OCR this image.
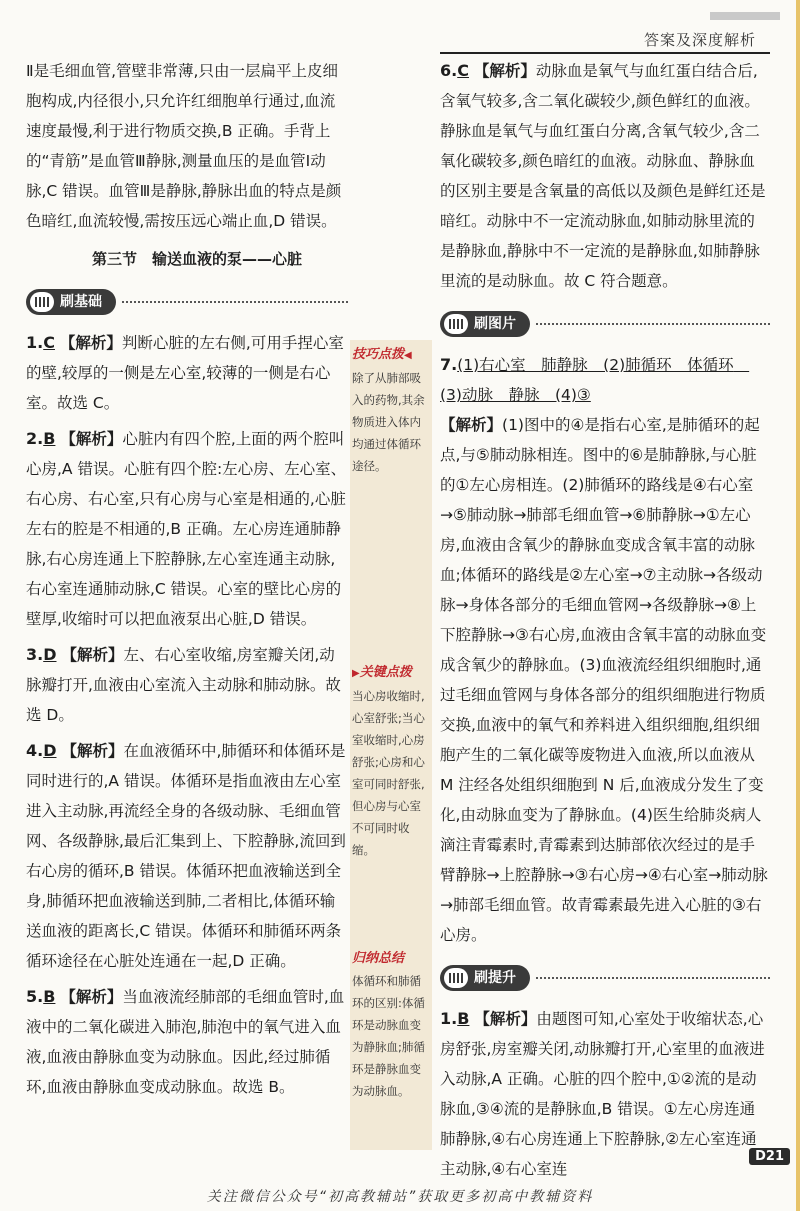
答案及深度解析

Ⅱ是毛细血管,管壁非常薄,只由一层扁平上皮细胞构成,内径很小,只允许红细胞单行通过,血流速度最慢,利于进行物质交换,B 正确。手背上的“青筋”是血管Ⅲ静脉,测量血压的是血管Ⅰ动脉,C 错误。血管Ⅲ是静脉,静脉出血的特点是颜色暗红,血流较慢,需按压远心端止血,D 错误。

第三节　输送血液的泵——心脏
刷基础
1.C 【解析】判断心脏的左右侧,可用手捏心室的壁,较厚的一侧是左心室,较薄的一侧是右心室。故选 C。
2.B 【解析】心脏内有四个腔,上面的两个腔叫心房,A 错误。心脏有四个腔:左心房、左心室、右心房、右心室,只有心房与心室是相通的,心脏左右的腔是不相通的,B 正确。左心房连通肺静脉,右心房连通上下腔静脉,左心室连通主动脉,右心室连通肺动脉,C 错误。心室的壁比心房的壁厚,收缩时可以把血液泵出心脏,D 错误。
3.D 【解析】左、右心室收缩,房室瓣关闭,动脉瓣打开,血液由心室流入主动脉和肺动脉。故选 D。
4.D 【解析】在血液循环中,肺循环和体循环是同时进行的,A 错误。体循环是指血液由左心室进入主动脉,再流经全身的各级动脉、毛细血管网、各级静脉,最后汇集到上、下腔静脉,流回到右心房的循环,B 错误。体循环把血液输送到全身,肺循环把血液输送到肺,二者相比,体循环输送血液的距离长,C 错误。体循环和肺循环两条循环途径在心脏处连通在一起,D 正确。
5.B 【解析】当血液流经肺部的毛细血管时,血液中的二氧化碳进入肺泡,肺泡中的氧气进入血液,血液由静脉血变为动脉血。因此,经过肺循环,血液由静脉血变成动脉血。故选 B。
技巧点拨◀
除了从肺部吸入的药物,其余物质进入体内均通过体循环途径。
▶关键点拨
当心房收缩时,心室舒张;当心室收缩时,心房舒张;心房和心室可同时舒张,但心房与心室不可同时收缩。
归纳总结
体循环和肺循环的区别:体循环是动脉血变为静脉血;肺循环是静脉血变为动脉血。
6.C 【解析】动脉血是氧气与血红蛋白结合后,含氧气较多,含二氧化碳较少,颜色鲜红的血液。静脉血是氧气与血红蛋白分离,含氧气较少,含二氧化碳较多,颜色暗红的血液。动脉血、静脉血的区别主要是含氧量的高低以及颜色是鲜红还是暗红。动脉中不一定流动脉血,如肺动脉里流的是静脉血,静脉中不一定流的是静脉血,如肺静脉里流的是动脉血。故 C 符合题意。
刷图片
7.(1)右心室　肺静脉　(2)肺循环　体循环　(3)动脉　静脉　(4)③
【解析】(1)图中的④是指右心室,是肺循环的起点,与⑤肺动脉相连。图中的⑥是肺静脉,与心脏的①左心房相连。(2)肺循环的路线是④右心室→⑤肺动脉→肺部毛细血管→⑥肺静脉→①左心房,血液由含氧少的静脉血变成含氧丰富的动脉血;体循环的路线是②左心室→⑦主动脉→各级动脉→身体各部分的毛细血管网→各级静脉→⑧上下腔静脉→③右心房,血液由含氧丰富的动脉血变成含氧少的静脉血。(3)血液流经组织细胞时,通过毛细血管网与身体各部分的组织细胞进行物质交换,血液中的氧气和养料进入组织细胞,组织细胞产生的二氧化碳等废物进入血液,所以血液从 M 注经各处组织细胞到 N 后,血液成分发生了变化,由动脉血变为了静脉血。(4)医生给肺炎病人滴注青霉素时,青霉素到达肺部依次经过的是手臂静脉→上腔静脉→③右心房→④右心室→肺动脉→肺部毛细血管。故青霉素最先进入心脏的③右心房。
刷提升
1.B 【解析】由题图可知,心室处于收缩状态,心房舒张,房室瓣关闭,动脉瓣打开,心室里的血液进入动脉,A 正确。心脏的四个腔中,①②流的是动脉血,③④流的是静脉血,B 错误。①左心房连通肺静脉,④右心房连通上下腔静脉,②左心室连通主动脉,④右心室连
D21
关注微信公众号“初高教辅站”获取更多初高中教辅资料
